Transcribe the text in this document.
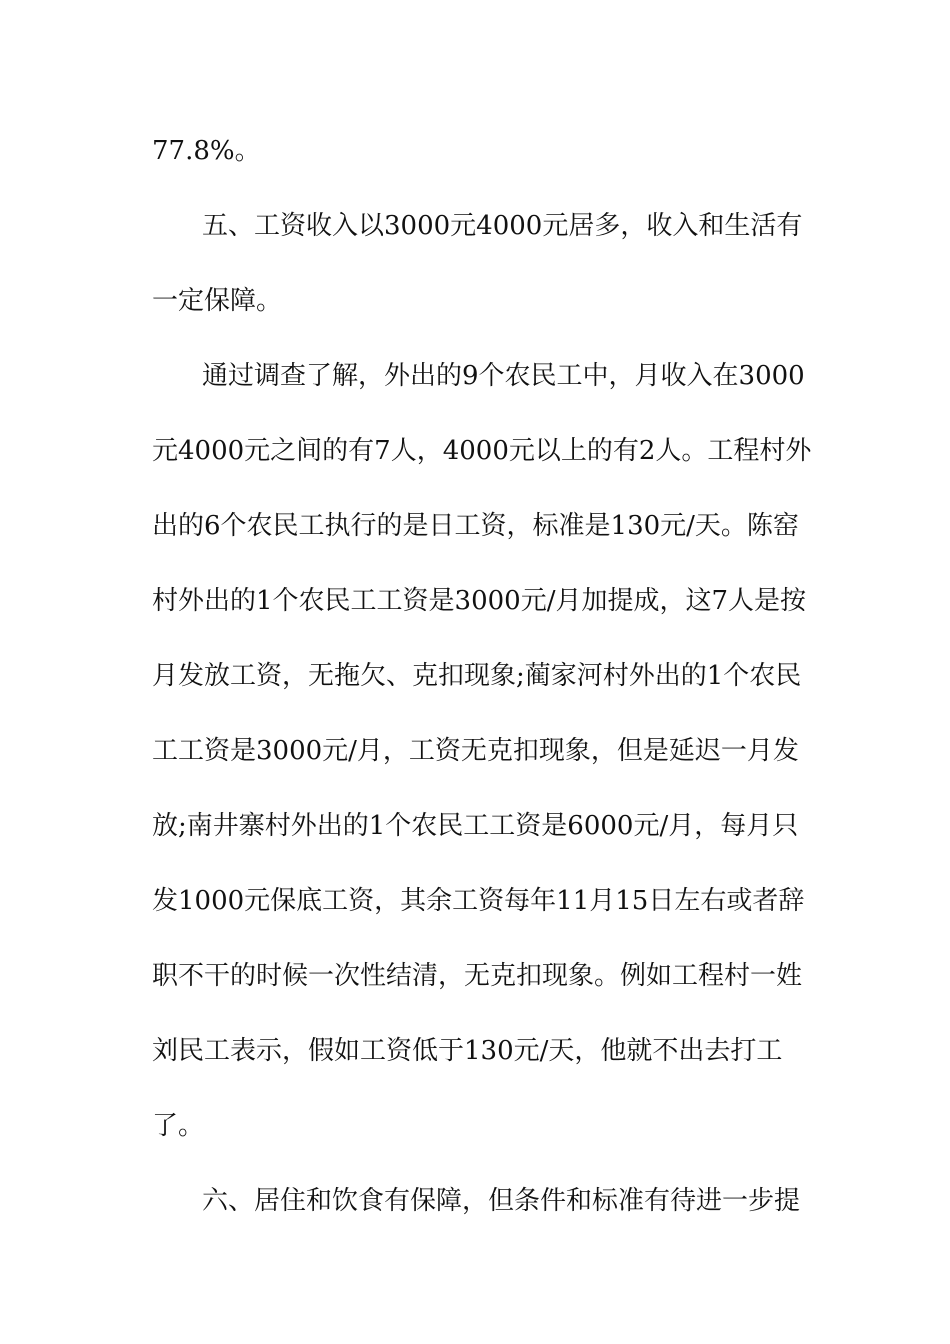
77.8%。

五、工资收入以3000元4000元居多，收入和生活有

一定保障。

通过调查了解，外出的9个农民工中，月收入在3000

元4000元之间的有7人，4000元以上的有2人。工程村外

出的6个农民工执行的是日工资，标准是130元/天。陈窑

村外出的1个农民工工资是3000元/月加提成，这7人是按

月发放工资，无拖欠、克扣现象;蔺家河村外出的1个农民

工工资是3000元/月，工资无克扣现象，但是延迟一月发

放;南井寨村外出的1个农民工工资是6000元/月，每月只

发1000元保底工资，其余工资每年11月15日左右或者辞

职不干的时候一次性结清，无克扣现象。例如工程村一姓

刘民工表示，假如工资低于130元/天，他就不出去打工

了。

六、居住和饮食有保障，但条件和标准有待进一步提
